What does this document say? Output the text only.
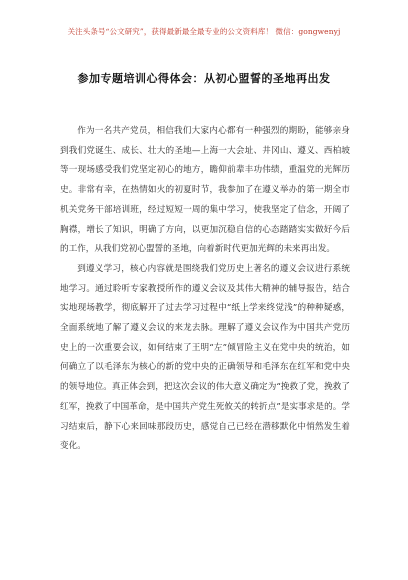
关注头条号“公文研究”，获得最新最全最专业的公文资料库！ 微信：gongwenyj
参加专题培训心得体会：从初心盟誓的圣地再出发

作为一名共产党员，相信我们大家内心都有一种强烈的期盼，能够亲身到我们党诞生、成长、壮大的圣地—上海一大会址、井冈山、遵义、西柏坡等一现场感受我们党坚定初心的地方，瞻仰前辈丰功伟绩，重温党的光辉历史。非常有幸，在热情如火的初夏时节，我参加了在遵义举办的第一期全市机关党务干部培训班，经过短短一周的集中学习，使我坚定了信念，开阔了胸襟，增长了知识，明确了方向，以更加沉稳自信的心态踏踏实实做好今后的工作，从我们党初心盟誓的圣地，向着新时代更加光辉的未来再出发。

到遵义学习，核心内容就是围绕我们党历史上著名的遵义会议进行系统地学习。通过聆听专家教授所作的遵义会议及其伟大精神的辅导报告，结合实地现场教学，彻底解开了过去学习过程中“纸上学来终觉浅”的种种疑惑，全面系统地了解了遵义会议的来龙去脉。理解了遵义会议作为中国共产党历史上的一次重要会议，如何结束了王明“左”倾冒险主义在党中央的统治，如何确立了以毛泽东为核心的新的党中央的正确领导和毛泽东在红军和党中央的领导地位。真正体会到，把这次会议的伟大意义确定为“挽救了党，挽救了红军，挽救了中国革命，是中国共产党生死攸关的转折点”是实事求是的。学习结束后，静下心来回味那段历史，感觉自己已经在潜移默化中悄然发生着变化。
